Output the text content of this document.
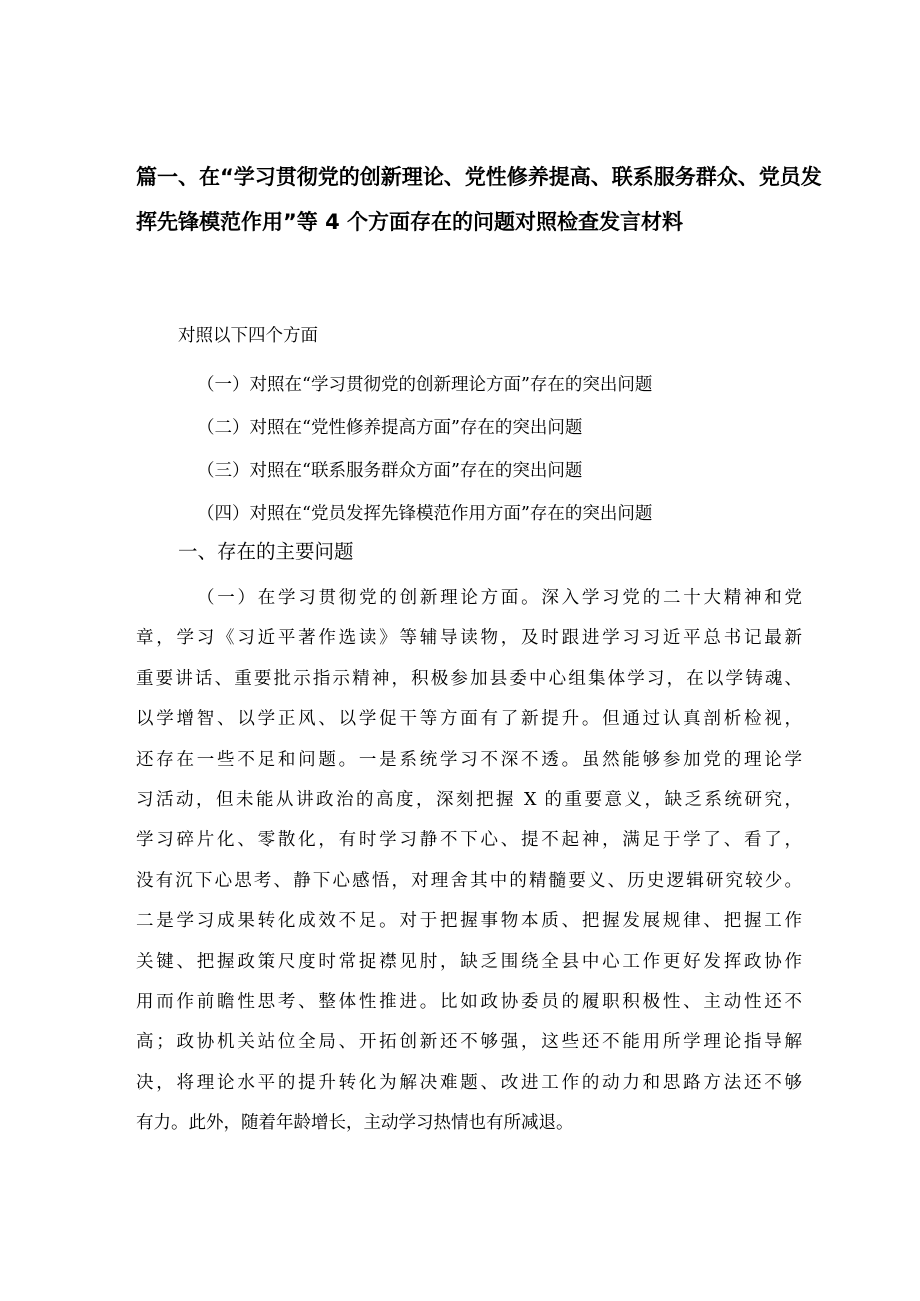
篇一、在“学习贯彻党的创新理论、党性修养提高、联系服务群众、党员发
挥先锋模范作用”等 4 个方面存在的问题对照检查发言材料

对照以下四个方面

（一）对照在“学习贯彻党的创新理论方面”存在的突出问题
（二）对照在“党性修养提高方面”存在的突出问题
（三）对照在“联系服务群众方面”存在的突出问题
（四）对照在“党员发挥先锋模范作用方面”存在的突出问题
一、存在的主要问题
（一）在学习贯彻党的创新理论方面。深入学习党的二十大精神和党
章，学习《习近平著作选读》等辅导读物，及时跟进学习习近平总书记最新
重要讲话、重要批示指示精神，积极参加县委中心组集体学习，在以学铸魂、
以学增智、以学正风、以学促干等方面有了新提升。但通过认真剖析检视，
还存在一些不足和问题。一是系统学习不深不透。虽然能够参加党的理论学
习活动，但未能从讲政治的高度，深刻把握 X 的重要意义，缺乏系统研究，
学习碎片化、零散化，有时学习静不下心、提不起神，满足于学了、看了，
没有沉下心思考、静下心感悟，对理舍其中的精髓要义、历史逻辑研究较少。
二是学习成果转化成效不足。对于把握事物本质、把握发展规律、把握工作
关键、把握政策尺度时常捉襟见肘，缺乏围绕全县中心工作更好发挥政协作
用而作前瞻性思考、整体性推进。比如政协委员的履职积极性、主动性还不
高；政协机关站位全局、开拓创新还不够强，这些还不能用所学理论指导解
决，将理论水平的提升转化为解决难题、改进工作的动力和思路方法还不够
有力。此外，随着年龄增长，主动学习热情也有所减退。
